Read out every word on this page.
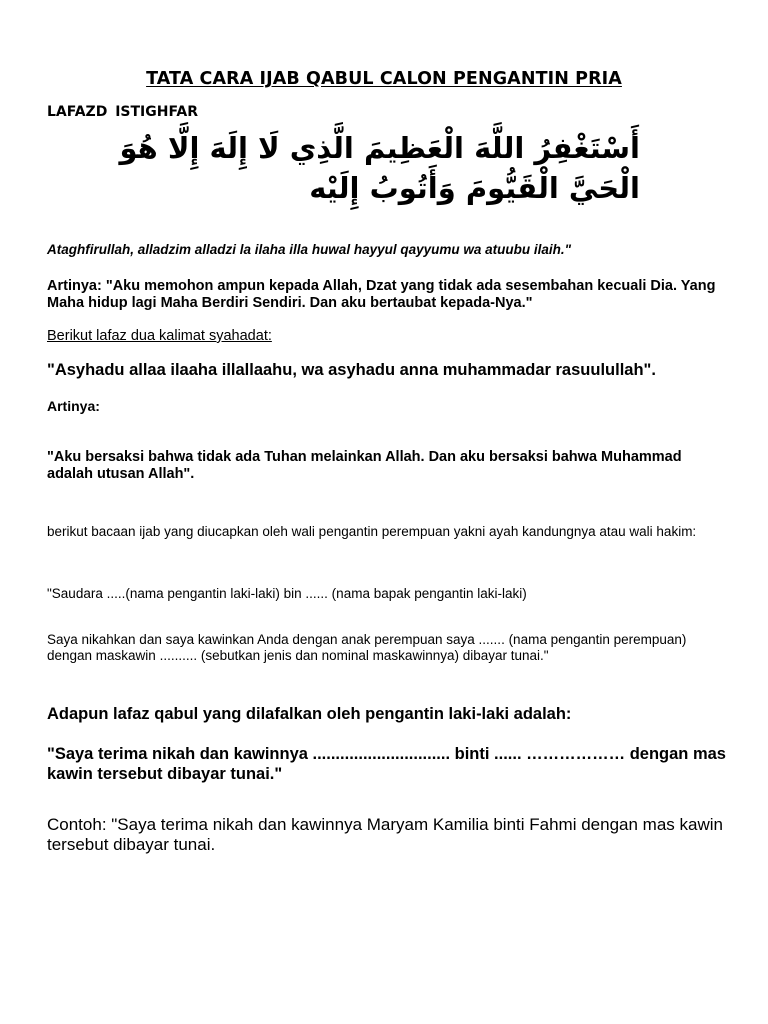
TATA CARA IJAB QABUL CALON PENGANTIN PRIA

LAFAZD ISTIGHFAR

أَسْتَغْفِرُ اللَّهَ الْعَظِيمَ الَّذِي لَا إِلَهَ إِلَّا هُوَ الْحَيَّ الْقَيُّومَ وَأَتُوبُ إِلَيْه

Ataghfirullah, alladzim alladzi la ilaha illa huwal hayyul qayyumu wa atuubu ilaih."

Artinya: "Aku memohon ampun kepada Allah, Dzat yang tidak ada sesembahan kecuali Dia. Yang Maha hidup lagi Maha Berdiri Sendiri. Dan aku bertaubat kepada-Nya."

Berikut lafaz dua kalimat syahadat:

"Asyhadu allaa ilaaha illallaahu, wa asyhadu anna muhammadar rasuulullah".

Artinya:

"Aku bersaksi bahwa tidak ada Tuhan melainkan Allah. Dan aku bersaksi bahwa Muhammad adalah utusan Allah".

berikut bacaan ijab yang diucapkan oleh wali pengantin perempuan yakni ayah kandungnya atau wali hakim:

"Saudara .....(nama pengantin laki-laki) bin ...... (nama bapak pengantin laki-laki)

Saya nikahkan dan saya kawinkan Anda dengan anak perempuan saya ....... (nama pengantin perempuan) dengan maskawin .......... (sebutkan jenis dan nominal maskawinnya) dibayar tunai."

Adapun lafaz qabul yang dilafalkan oleh pengantin laki-laki adalah:

"Saya terima nikah dan kawinnya .............................. binti ...... ……………… dengan mas kawin tersebut dibayar tunai."

Contoh: "Saya terima nikah dan kawinnya Maryam Kamilia binti Fahmi dengan mas kawin tersebut dibayar tunai.
